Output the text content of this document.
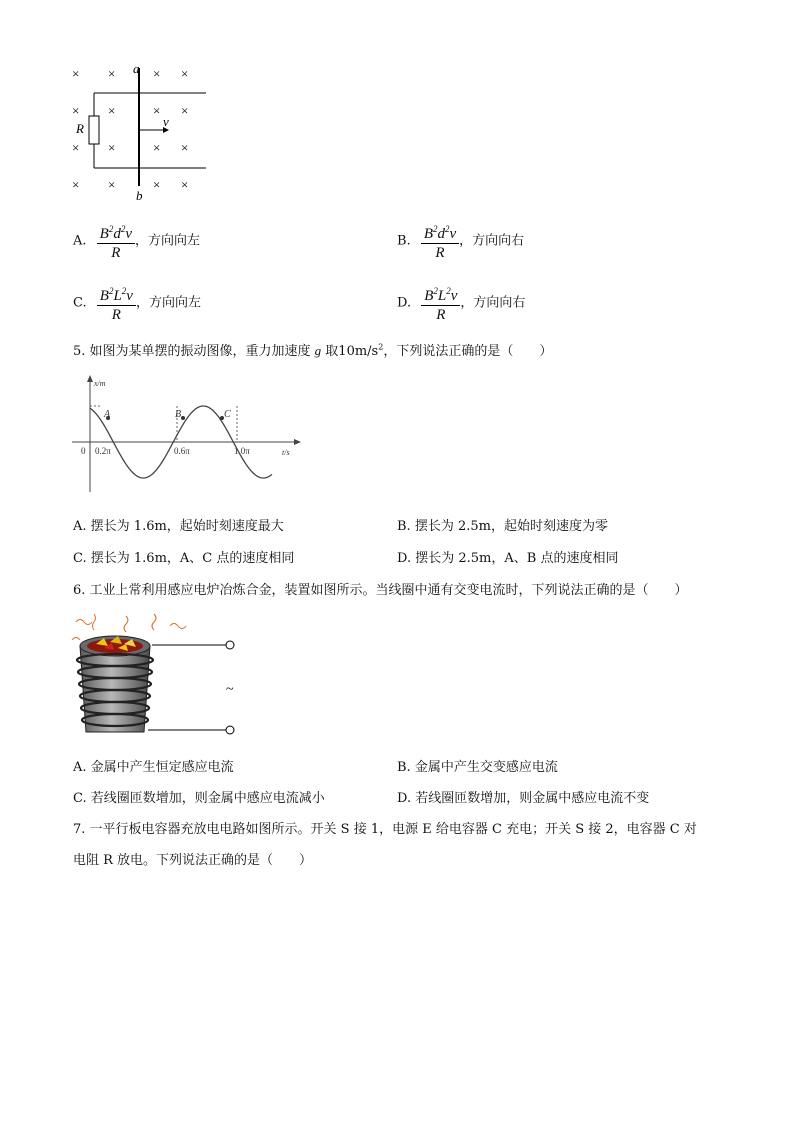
× ×	× ×
× ×	× ×
× ×	× ×
× ×	× ×
R
a
b
v
A. $\frac{B^2d^2v}{R}$ ，方向向左	B. $\frac{B^2d^2v}{R}$ ，方向向右
C. $\frac{B^2L^2v}{R}$ ，方向向左	D. $\frac{B^2L^2v}{R}$ ，方向向右
5. 如图为某单摆的振动图像，重力加速度 g 取$10m/s^2$，下列说法正确的是（　　）
x/m
t/s
0 0.2π	0.6π	1.0π
A	B	C
A. 摆长为 1.6m，起始时刻速度最大	B. 摆长为 2.5m，起始时刻速度为零
C. 摆长为 1.6m，A、C 点的速度相同	D. 摆长为 2.5m，A、B 点的速度相同
6. 工业上常利用感应电炉冶炼合金，装置如图所示。当线圈中通有交变电流时，下列说法正确的是（　　）
~
A. 金属中产生恒定感应电流	B. 金属中产生交变感应电流
C. 若线圈匝数增加，则金属中感应电流减小	D. 若线圈匝数增加，则金属中感应电流不变
7. 一平行板电容器充放电电路如图所示。开关 S 接 1，电源 E 给电容器 C 充电；开关 S 接 2，电容器 C 对
电阻 R 放电。下列说法正确的是（　　）
